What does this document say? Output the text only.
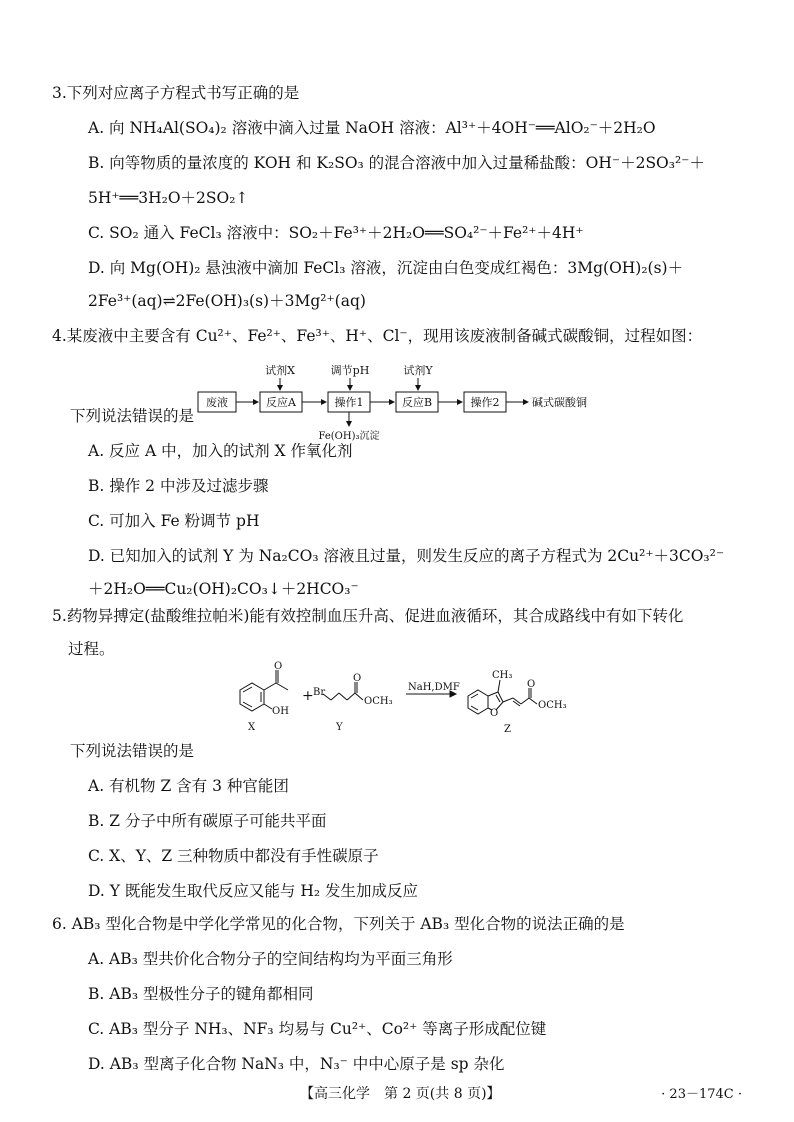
3.下列对应离子方程式书写正确的是
A. 向 NH₄Al(SO₄)₂ 溶液中滴入过量 NaOH 溶液：Al³⁺＋4OH⁻══AlO₂⁻＋2H₂O
B. 向等物质的量浓度的 KOH 和 K₂SO₃ 的混合溶液中加入过量稀盐酸：OH⁻＋2SO₃²⁻＋
5H⁺══3H₂O＋2SO₂↑
C. SO₂ 通入 FeCl₃ 溶液中：SO₂＋Fe³⁺＋2H₂O══SO₄²⁻＋Fe²⁺＋4H⁺
D. 向 Mg(OH)₂ 悬浊液中滴加 FeCl₃ 溶液，沉淀由白色变成红褐色：3Mg(OH)₂(s)＋
2Fe³⁺(aq)⇌2Fe(OH)₃(s)＋3Mg²⁺(aq)
4.某废液中主要含有 Cu²⁺、Fe²⁺、Fe³⁺、H⁺、Cl⁻，现用该废液制备碱式碳酸铜，过程如图：
试剂X	调节pH	试剂Y
废液	反应A	操作1	反应B	操作2	碱式碳酸铜
Fe(OH)₃沉淀
下列说法错误的是
A. 反应 A 中，加入的试剂 X 作氧化剂
B. 操作 2 中涉及过滤步骤
C. 可加入 Fe 粉调节 pH
D. 已知加入的试剂 Y 为 Na₂CO₃ 溶液且过量，则发生反应的离子方程式为 2Cu²⁺＋3CO₃²⁻
＋2H₂O══Cu₂(OH)₂CO₃↓＋2HCO₃⁻
5.药物异搏定(盐酸维拉帕米)能有效控制血压升高、促进血液循环，其合成路线中有如下转化
过程。
O
OH
X
+ Br
O
OCH₃
Y
NaH,DMF
CH₃
O
O
OCH₃
Z
下列说法错误的是
A. 有机物 Z 含有 3 种官能团
B. Z 分子中所有碳原子可能共平面
C. X、Y、Z 三种物质中都没有手性碳原子
D. Y 既能发生取代反应又能与 H₂ 发生加成反应
6. AB₃ 型化合物是中学化学常见的化合物，下列关于 AB₃ 型化合物的说法正确的是
A. AB₃ 型共价化合物分子的空间结构均为平面三角形
B. AB₃ 型极性分子的键角都相同
C. AB₃ 型分子 NH₃、NF₃ 均易与 Cu²⁺、Co²⁺ 等离子形成配位键
D. AB₃ 型离子化合物 NaN₃ 中，N₃⁻ 中中心原子是 sp 杂化
【高三化学　第 2 页(共 8 页)】	· 23－174C ·
